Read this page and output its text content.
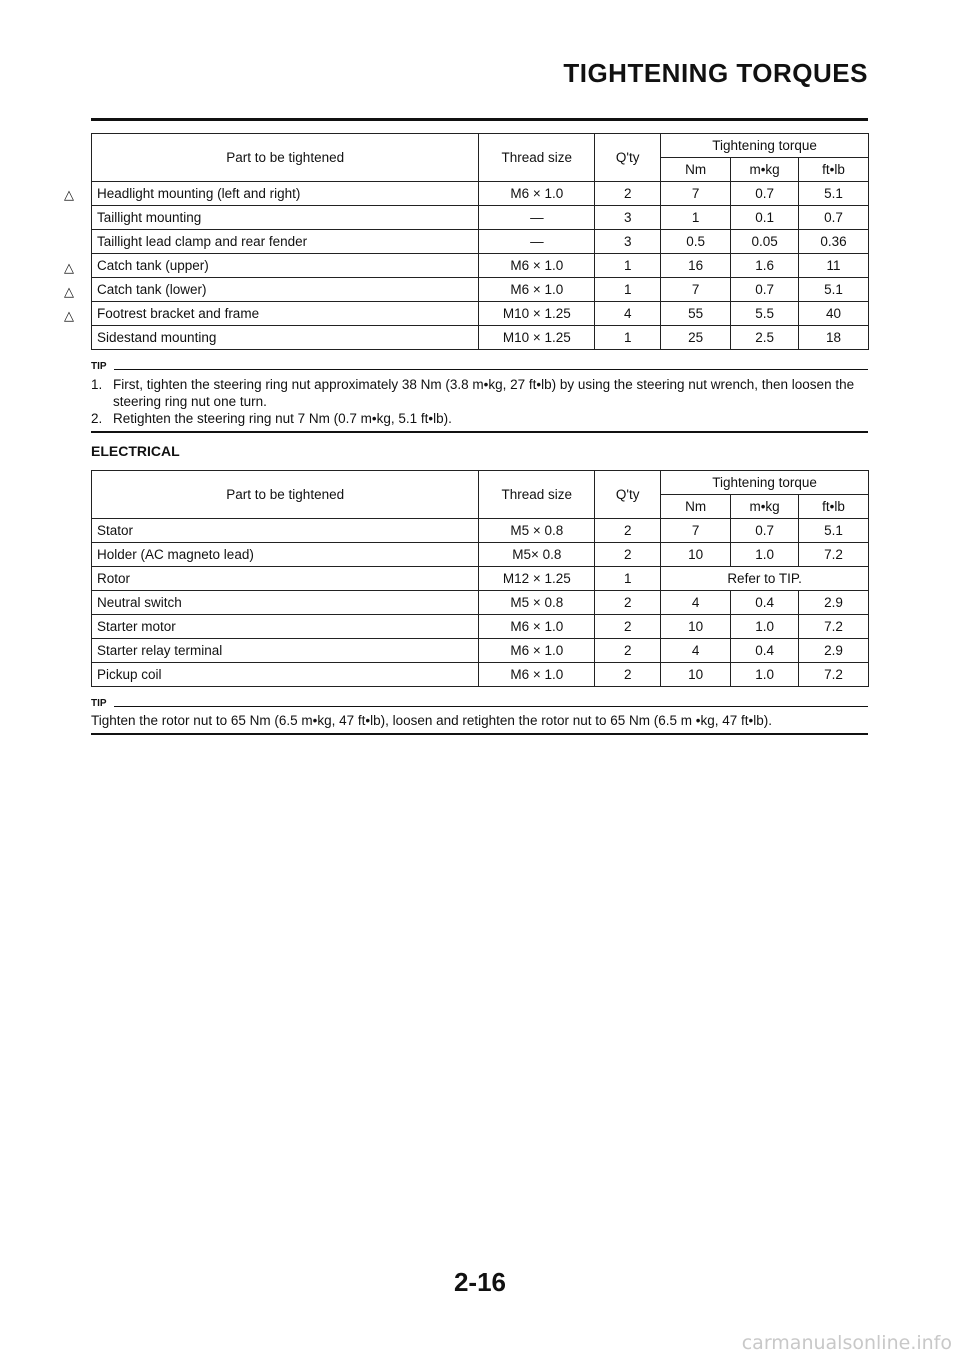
TIGHTENING TORQUES
Part to be tightened	Thread size	Q'ty	Tightening torque		
			Nm	m•kg	ft•lb
Headlight mounting (left and right)	M6 × 1.0	2	7	0.7	5.1
Taillight mounting	—	3	1	0.1	0.7
Taillight lead clamp and rear fender	—	3	0.5	0.05	0.36
Catch tank (upper)	M6 × 1.0	1	16	1.6	11
Catch tank (lower)	M6 × 1.0	1	7	0.7	5.1
Footrest bracket and frame	M10 × 1.25	4	55	5.5	40
Sidestand mounting	M10 × 1.25	1	25	2.5	18
△
△
△
△
TIP
1. First, tighten the steering ring nut approximately 38 Nm (3.8 m•kg, 27 ft•lb) by using the steering nut wrench, then loosen the steering ring nut one turn.
2. Retighten the steering ring nut 7 Nm (0.7 m•kg, 5.1 ft•lb).
ELECTRICAL
Part to be tightened	Thread size	Q'ty	Tightening torque		
			Nm	m•kg	ft•lb
Stator	M5 × 0.8	2	7	0.7	5.1
Holder (AC magneto lead)	M5× 0.8	2	10	1.0	7.2
Rotor	M12 × 1.25	1	Refer to TIP.		
Neutral switch	M5 × 0.8	2	4	0.4	2.9
Starter motor	M6 × 1.0	2	10	1.0	7.2
Starter relay terminal	M6 × 1.0	2	4	0.4	2.9
Pickup coil	M6 × 1.0	2	10	1.0	7.2
TIP
Tighten the rotor nut to 65 Nm (6.5 m•kg, 47 ft•lb), loosen and retighten the rotor nut to 65 Nm (6.5 m •kg, 47 ft•lb).
2-16
carmanualsonline.info
